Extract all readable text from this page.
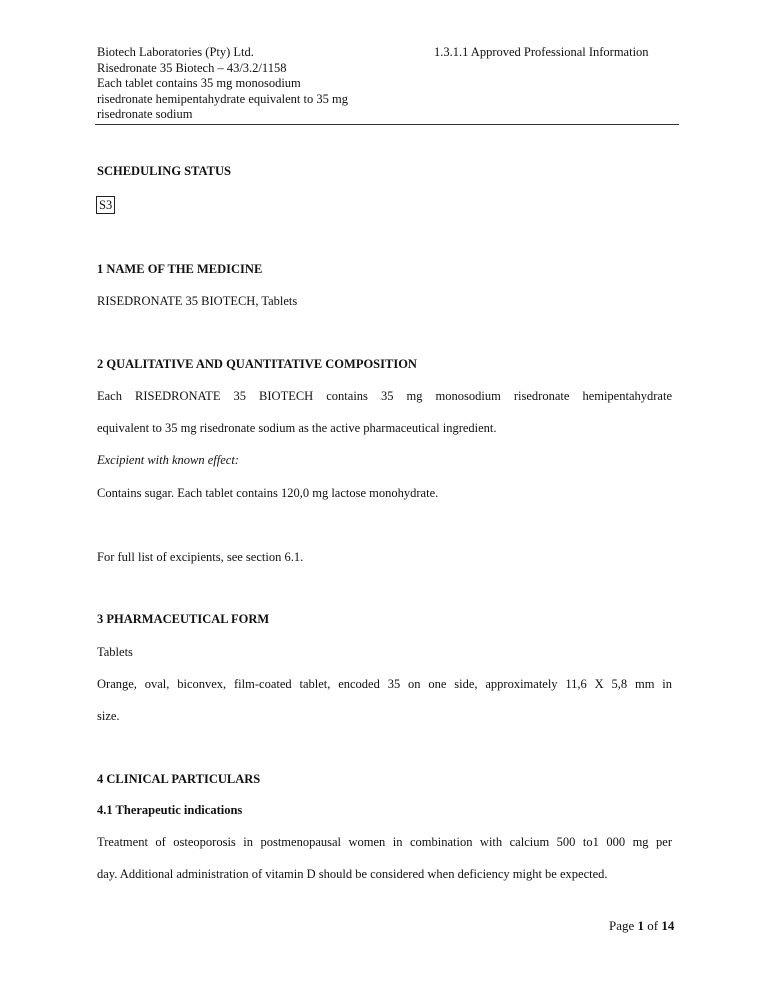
Biotech Laboratories (Pty) Ltd.
Risedronate 35 Biotech – 43/3.2/1158
Each tablet contains 35 mg monosodium
risedronate hemipentahydrate equivalent to 35 mg
risedronate sodium
1.3.1.1 Approved Professional Information
SCHEDULING STATUS
S3
1 NAME OF THE MEDICINE
RISEDRONATE 35 BIOTECH, Tablets
2 QUALITATIVE AND QUANTITATIVE COMPOSITION
Each RISEDRONATE 35 BIOTECH contains 35 mg monosodium risedronate hemipentahydrate
equivalent to 35 mg risedronate sodium as the active pharmaceutical ingredient.
Excipient with known effect:
Contains sugar. Each tablet contains 120,0 mg lactose monohydrate.
For full list of excipients, see section 6.1.
3 PHARMACEUTICAL FORM
Tablets
Orange, oval, biconvex, film-coated tablet, encoded 35 on one side, approximately 11,6 X 5,8 mm in
size.
4 CLINICAL PARTICULARS
4.1 Therapeutic indications
Treatment of osteoporosis in postmenopausal women in combination with calcium 500 to1 000 mg per
day. Additional administration of vitamin D should be considered when deficiency might be expected.
Page 1 of 14
